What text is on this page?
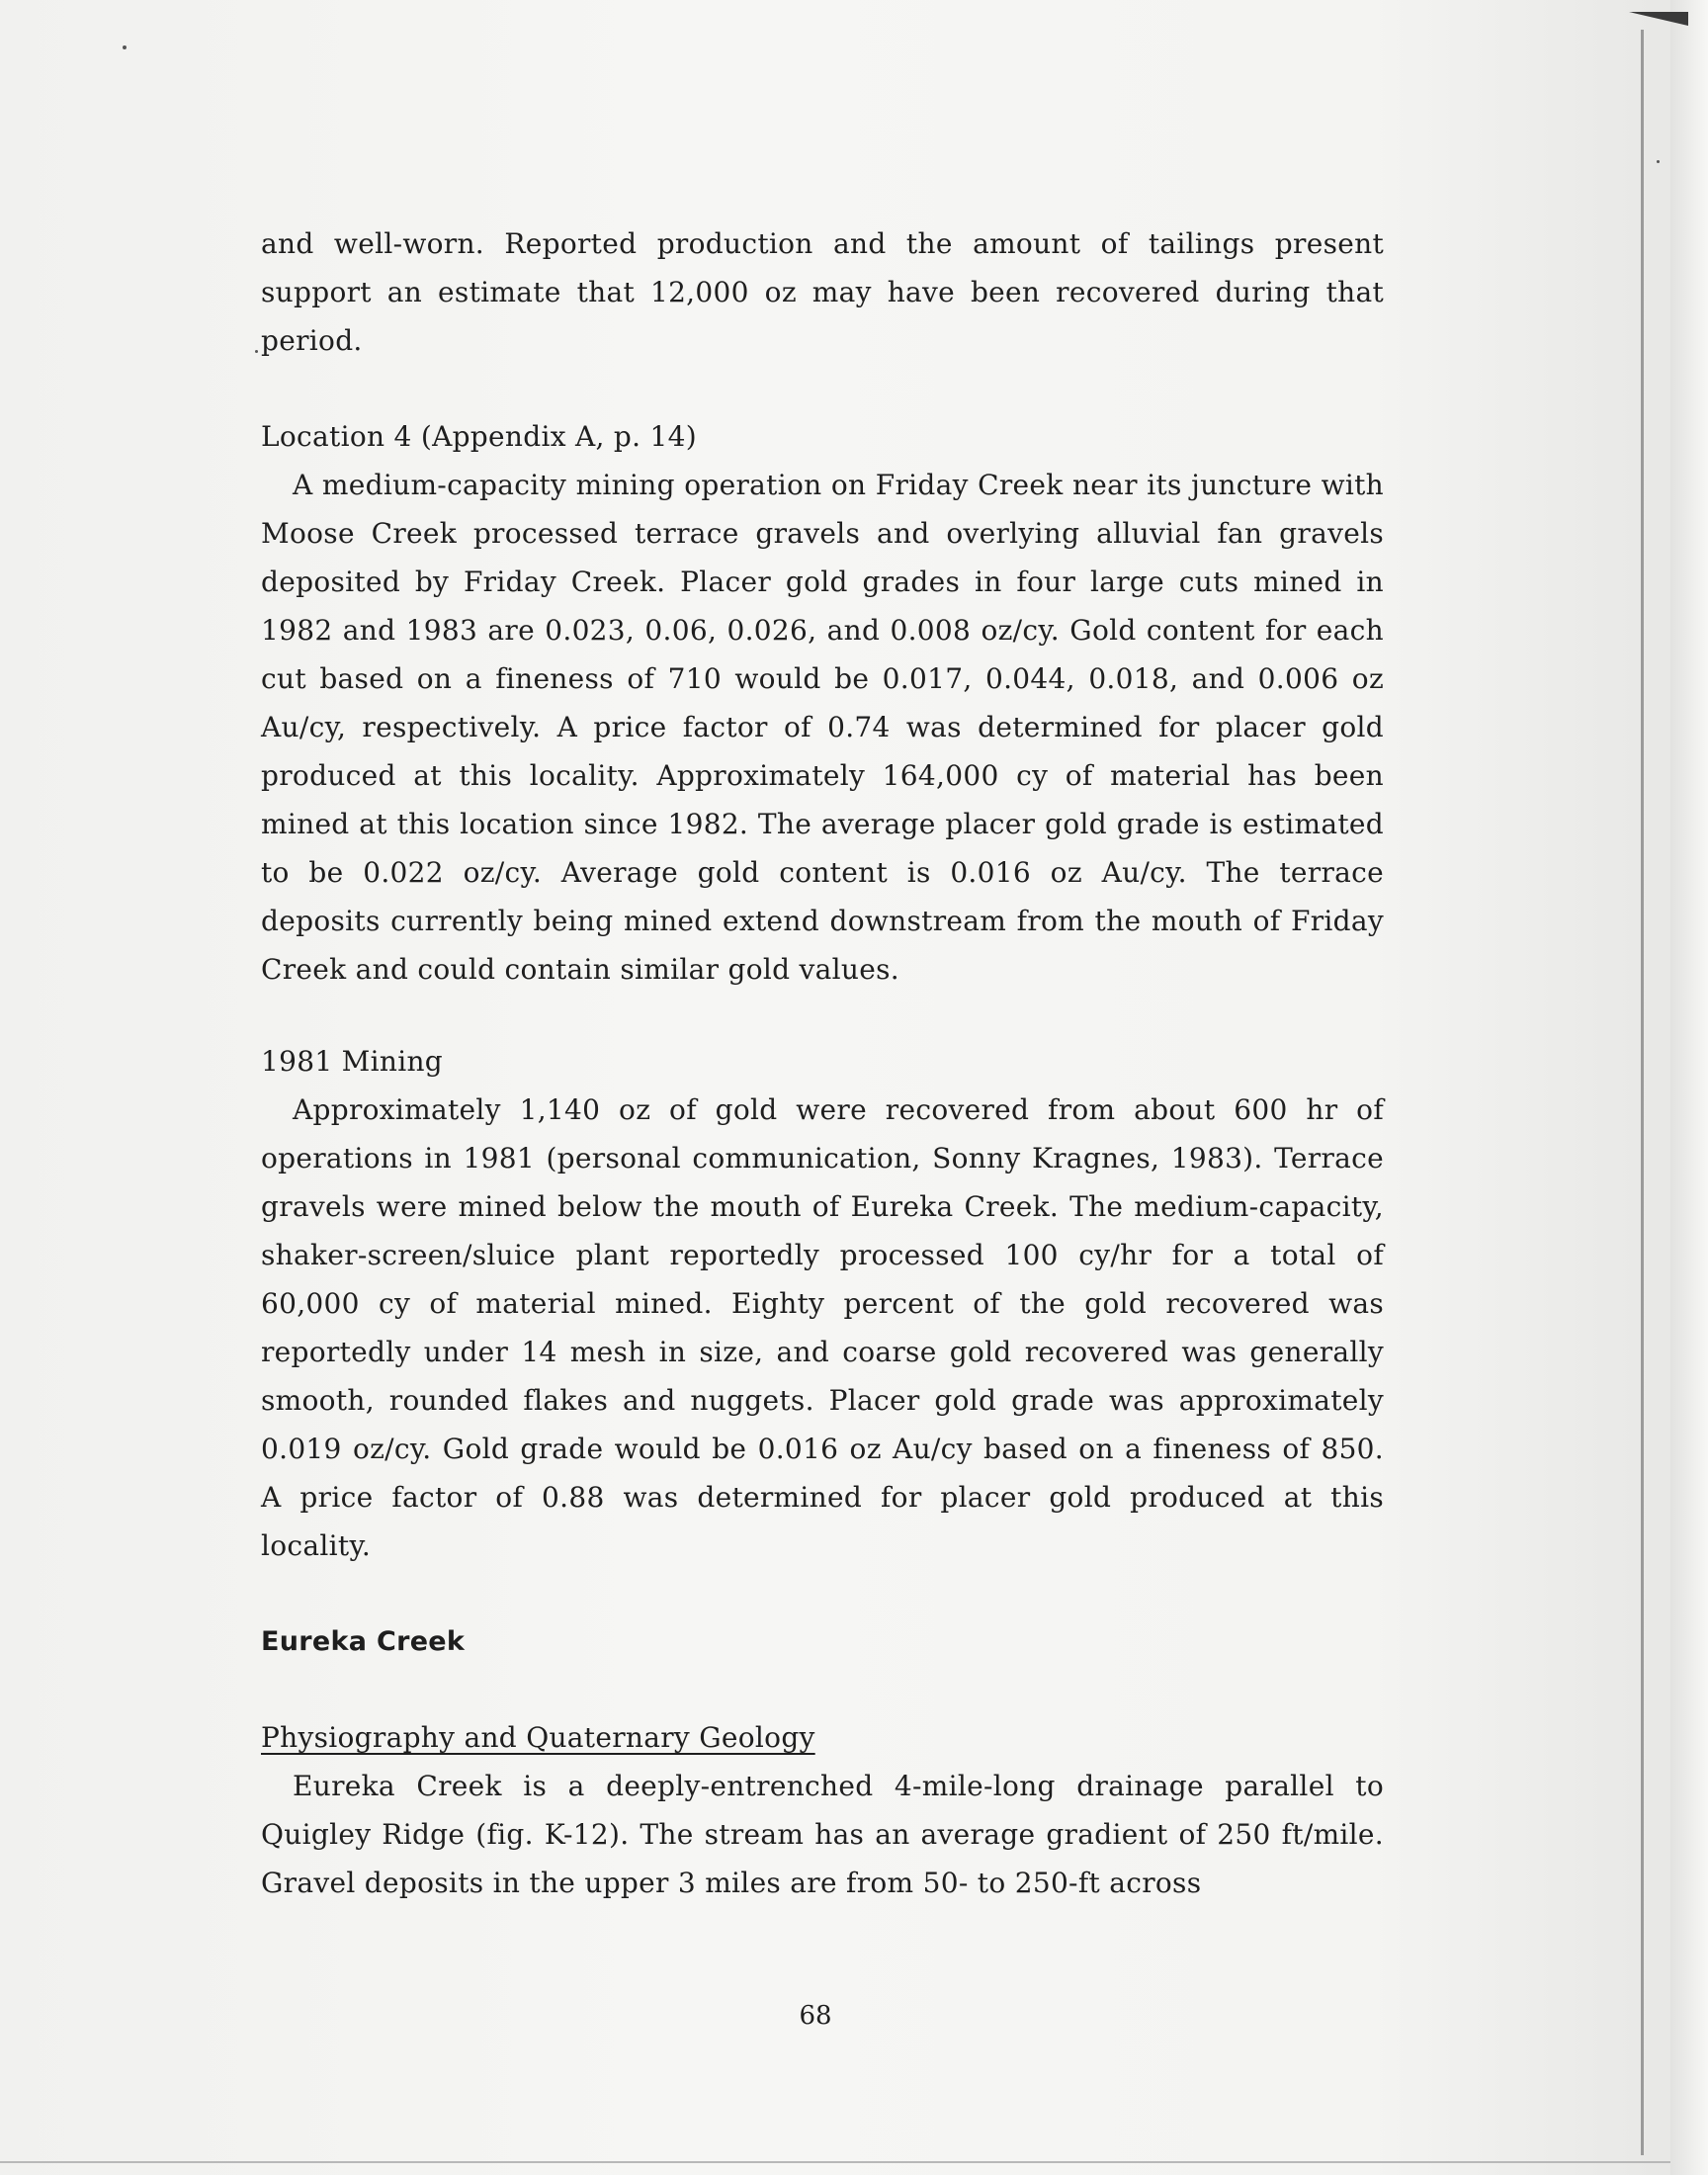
and well-worn. Reported production and the amount of tailings present support an estimate that 12,000 oz may have been recovered during that period.

Location 4 (Appendix A, p. 14)

A medium-capacity mining operation on Friday Creek near its juncture with Moose Creek processed terrace gravels and overlying alluvial fan gravels deposited by Friday Creek. Placer gold grades in four large cuts mined in 1982 and 1983 are 0.023, 0.06, 0.026, and 0.008 oz/cy. Gold content for each cut based on a fineness of 710 would be 0.017, 0.044, 0.018, and 0.006 oz Au/cy, respectively. A price factor of 0.74 was determined for placer gold produced at this locality. Approximately 164,000 cy of material has been mined at this location since 1982. The average placer gold grade is estimated to be 0.022 oz/cy. Average gold content is 0.016 oz Au/cy. The terrace deposits currently being mined extend downstream from the mouth of Friday Creek and could contain similar gold values.

1981 Mining

Approximately 1,140 oz of gold were recovered from about 600 hr of operations in 1981 (personal communication, Sonny Kragnes, 1983). Terrace gravels were mined below the mouth of Eureka Creek. The medium-capacity, shaker-screen/sluice plant reportedly processed 100 cy/hr for a total of 60,000 cy of material mined. Eighty percent of the gold recovered was reportedly under 14 mesh in size, and coarse gold recovered was generally smooth, rounded flakes and nuggets. Placer gold grade was approximately 0.019 oz/cy. Gold grade would be 0.016 oz Au/cy based on a fineness of 850. A price factor of 0.88 was determined for placer gold produced at this locality.

Eureka Creek

Physiography and Quaternary Geology

Eureka Creek is a deeply-entrenched 4-mile-long drainage parallel to Quigley Ridge (fig. K-12). The stream has an average gradient of 250 ft/mile. Gravel deposits in the upper 3 miles are from 50- to 250-ft across

68
